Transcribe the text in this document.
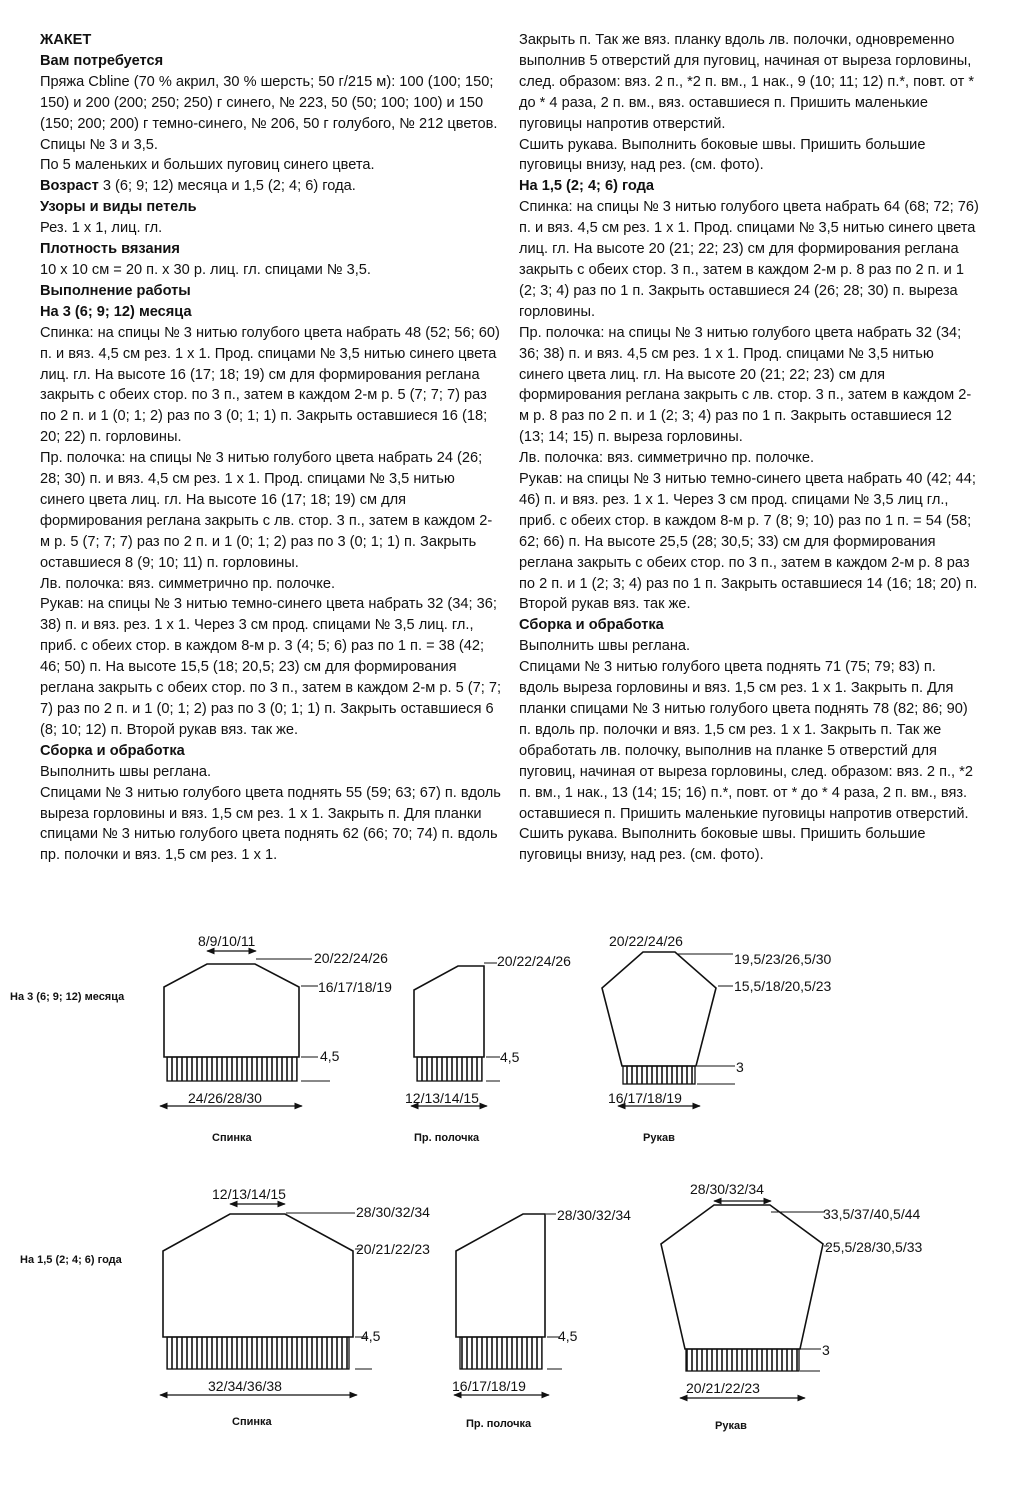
ЖАКЕТ

Вам потребуется

Пряжа Cbline (70 % акрил, 30 % шерсть; 50 г/215 м): 100 (100; 150; 150) и 200 (200; 250; 250) г синего, № 223, 50 (50; 100; 100) и 150 (150; 200; 200) г темно-синего, № 206, 50 г голубого, № 212 цветов.

Спицы № 3 и 3,5.

По 5 маленьких и больших пуговиц синего цвета.

Возраст 3 (6; 9; 12) месяца и 1,5 (2; 4; 6) года.

Узоры и виды петель

Рез. 1 х 1, лиц. гл.

Плотность вязания

10 х 10 см = 20 п. х 30 р. лиц. гл. спицами № 3,5.

Выполнение работы

На 3 (6; 9; 12) месяца

Спинка: на спицы № 3 нитью голубого цвета набрать 48 (52; 56; 60) п. и вяз. 4,5 см рез. 1 х 1. Прод. спицами № 3,5 нитью синего цвета лиц. гл. На высоте 16 (17; 18; 19) см для формирования реглана закрыть с обеих стор. по 3 п., затем в каждом 2-м р. 5 (7; 7; 7) раз по 2 п. и 1 (0; 1; 2) раз по 3 (0; 1; 1) п. Закрыть оставшиеся 16 (18; 20; 22) п. горловины.

Пр. полочка: на спицы № 3 нитью голубого цвета набрать 24 (26; 28; 30) п. и вяз. 4,5 см рез. 1 х 1. Прод. спицами № 3,5 нитью синего цвета лиц. гл. На высоте 16 (17; 18; 19) см для формирования реглана закрыть с лв. стор. 3 п., затем в каждом 2-м р. 5 (7; 7; 7) раз по 2 п. и 1 (0; 1; 2) раз по 3 (0; 1; 1) п. Закрыть оставшиеся 8 (9; 10; 11) п. горловины.

Лв. полочка: вяз. симметрично пр. полочке.

Рукав: на спицы № 3 нитью темно-синего цвета набрать 32 (34; 36; 38) п. и вяз. рез. 1 х 1. Через 3 см прод. спицами № 3,5 лиц. гл., приб. с обеих стор. в каждом 8-м р. 3 (4; 5; 6) раз по 1 п. = 38 (42; 46; 50) п. На высоте 15,5 (18; 20,5; 23) см для формирования реглана закрыть с обеих стор. по 3 п., затем в каждом 2-м р. 5 (7; 7; 7) раз по 2 п. и 1 (0; 1; 2) раз по 3 (0; 1; 1) п. Закрыть оставшиеся 6 (8; 10; 12) п. Второй рукав вяз. так же.

Сборка и обработка

Выполнить швы реглана.

Спицами № 3 нитью голубого цвета поднять 55 (59; 63; 67) п. вдоль выреза горловины и вяз. 1,5 см рез. 1 х 1. Закрыть п. Для планки спицами № 3 нитью голубого цвета поднять 62 (66; 70; 74) п. вдоль пр. полочки и вяз. 1,5 см рез. 1 х 1.

Закрыть п. Так же вяз. планку вдоль лв. полочки, одновременно выполнив 5 отверстий для пуговиц, начиная от выреза горловины, след. образом: вяз. 2 п., *2 п. вм., 1 нак., 9 (10; 11; 12) п.*, повт. от * до * 4 раза, 2 п. вм., вяз. оставшиеся п. Пришить маленькие пуговицы напротив отверстий.

Сшить рукава. Выполнить боковые швы. Пришить большие пуговицы внизу, над рез. (см. фото).

На 1,5 (2; 4; 6) года

Спинка: на спицы № 3 нитью голубого цвета набрать 64 (68; 72; 76) п. и вяз. 4,5 см рез. 1 х 1. Прод. спицами № 3,5 нитью синего цвета лиц. гл. На высоте 20 (21; 22; 23) см для формирования реглана закрыть с обеих стор. 3 п., затем в каждом 2-м р. 8 раз по 2 п. и 1 (2; 3; 4) раз по 1 п. Закрыть оставшиеся 24 (26; 28; 30) п. выреза горловины.

Пр. полочка: на спицы № 3 нитью голубого цвета набрать 32 (34; 36; 38) п. и вяз. 4,5 см рез. 1 х 1. Прод. спицами № 3,5 нитью синего цвета лиц. гл. На высоте 20 (21; 22; 23) см для формирования реглана закрыть с лв. стор. 3 п., затем в каждом 2-м р. 8 раз по 2 п. и 1 (2; 3; 4) раз по 1 п. Закрыть оставшиеся 12 (13; 14; 15) п. выреза горловины.

Лв. полочка: вяз. симметрично пр. полочке.

Рукав: на спицы № 3 нитью темно-синего цвета набрать 40 (42; 44; 46) п. и вяз. рез. 1 х 1. Через 3 см прод. спицами № 3,5 лиц гл., приб. с обеих стор. в каждом 8-м р. 7 (8; 9; 10) раз по 1 п. = 54 (58; 62; 66) п. На высоте 25,5 (28; 30,5; 33) см для формирования реглана закрыть с обеих стор. по 3 п., затем в каждом 2-м р. 8 раз по 2 п. и 1 (2; 3; 4) раз по 1 п. Закрыть оставшиеся 14 (16; 18; 20) п. Второй рукав вяз. так же.

Сборка и обработка

Выполнить швы реглана.

Спицами № 3 нитью голубого цвета поднять 71 (75; 79; 83) п. вдоль выреза горловины и вяз. 1,5 см рез. 1 х 1. Закрыть п. Для планки спицами № 3 нитью голубого цвета поднять 78 (82; 86; 90) п. вдоль пр. полочки и вяз. 1,5 см рез. 1 х 1. Закрыть п. Так же обработать лв. полочку, выполнив на планке 5 отверстий для пуговиц, начиная от выреза горловины, след. образом: вяз. 2 п., *2 п. вм., 1 нак., 13 (14; 15; 16) п.*, повт. от * до * 4 раза, 2 п. вм., вяз. оставшиеся п. Пришить маленькие пуговицы напротив отверстий. Сшить рукава. Выполнить боковые швы. Пришить большие пуговицы внизу, над рез. (см. фото).

На 3 (6; 9; 12) месяца
8/9/10/11
20/22/24/26
16/17/18/19
4,5
24/26/28/30
Спинка
20/22/24/26
4,5
12/13/14/15
Пр. полочка
20/22/24/26
19,5/23/26,5/30
15,5/18/20,5/23
3
16/17/18/19
Рукав
На 1,5 (2; 4; 6) года
12/13/14/15
28/30/32/34
20/21/22/23
4,5
32/34/36/38
Спинка
28/30/32/34
4,5
16/17/18/19
Пр. полочка
28/30/32/34
33,5/37/40,5/44
25,5/28/30,5/33
3
20/21/22/23
Рукав
